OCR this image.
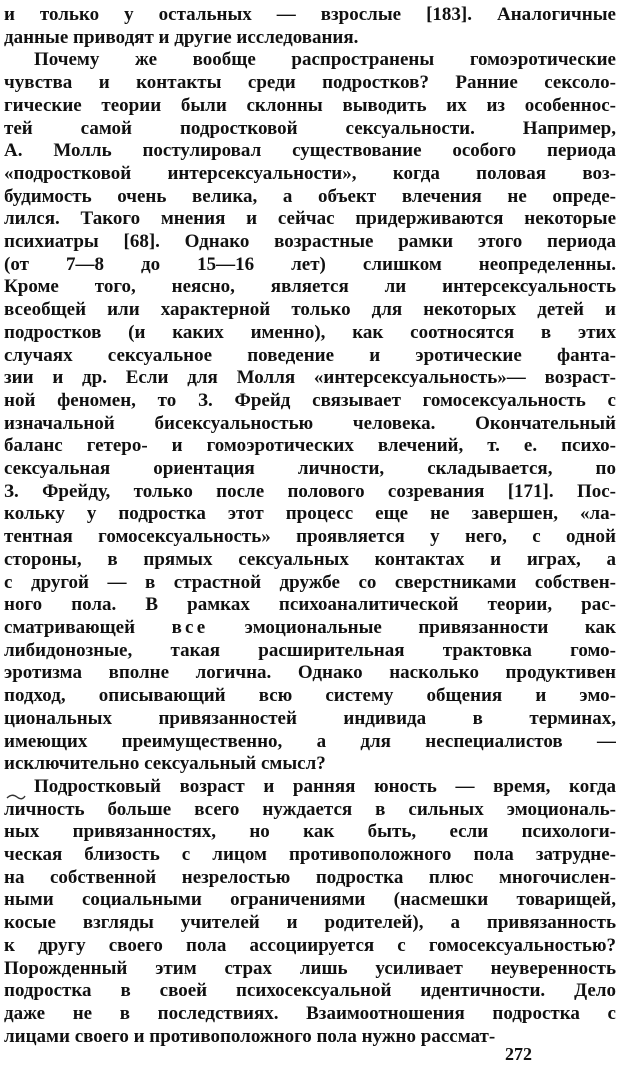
и только у остальных — взрослые [183]. Аналогичные
данные приводят и другие исследования.
Почему же вообще распространены гомоэротические
чувства и контакты среди подростков? Ранние сексоло-
гические теории были склонны выводить их из особеннос-
тей самой подростковой сексуальности. Например,
А. Молль постулировал существование особого периода
«подростковой интерсексуальности», когда половая воз-
будимость очень велика, а объект влечения не опреде-
лился. Такого мнения и сейчас придерживаются некоторые
психиатры [68]. Однако возрастные рамки этого периода
(от 7—8 до 15—16 лет) слишком неопределенны.
Кроме того, неясно, является ли интерсексуальность
всеобщей или характерной только для некоторых детей и
подростков (и каких именно), как соотносятся в этих
случаях сексуальное поведение и эротические фанта-
зии и др. Если для Молля «интерсексуальность»— возраст-
ной феномен, то З. Фрейд связывает гомосексуальность с
изначальной бисексуальностью человека. Окончательный
баланс гетеро- и гомоэротических влечений, т. е. психо-
сексуальная ориентация личности, складывается, по
З. Фрейду, только после полового созревания [171]. Пос-
кольку у подростка этот процесс еще не завершен, «ла-
тентная гомосексуальность» проявляется у него, с одной
стороны, в прямых сексуальных контактах и играх, а
с другой — в страстной дружбе со сверстниками собствен-
ного пола. В рамках психоаналитической теории, рас-
сматривающей все эмоциональные привязанности как
либидонозные, такая расширительная трактовка гомо-
эротизма вполне логична. Однако насколько продуктивен
подход, описывающий всю систему общения и эмо-
циональных привязанностей индивида в терминах,
имеющих преимущественно, а для неспециалистов —
исключительно сексуальный смысл?
Подростковый возраст и ранняя юность — время, когда
личность больше всего нуждается в сильных эмоциональ-
ных привязанностях, но как быть, если психологи-
ческая близость с лицом противоположного пола затрудне-
на собственной незрелостью подростка плюс многочислен-
ными социальными ограничениями (насмешки товарищей,
косые взгляды учителей и родителей), а привязанность
к другу своего пола ассоциируется с гомосексуальностью?
Порожденный этим страх лишь усиливает неуверенность
подростка в своей психосексуальной идентичности. Дело
даже не в последствиях. Взаимоотношения подростка с
лицами своего и противоположного пола нужно рассмат-
272
